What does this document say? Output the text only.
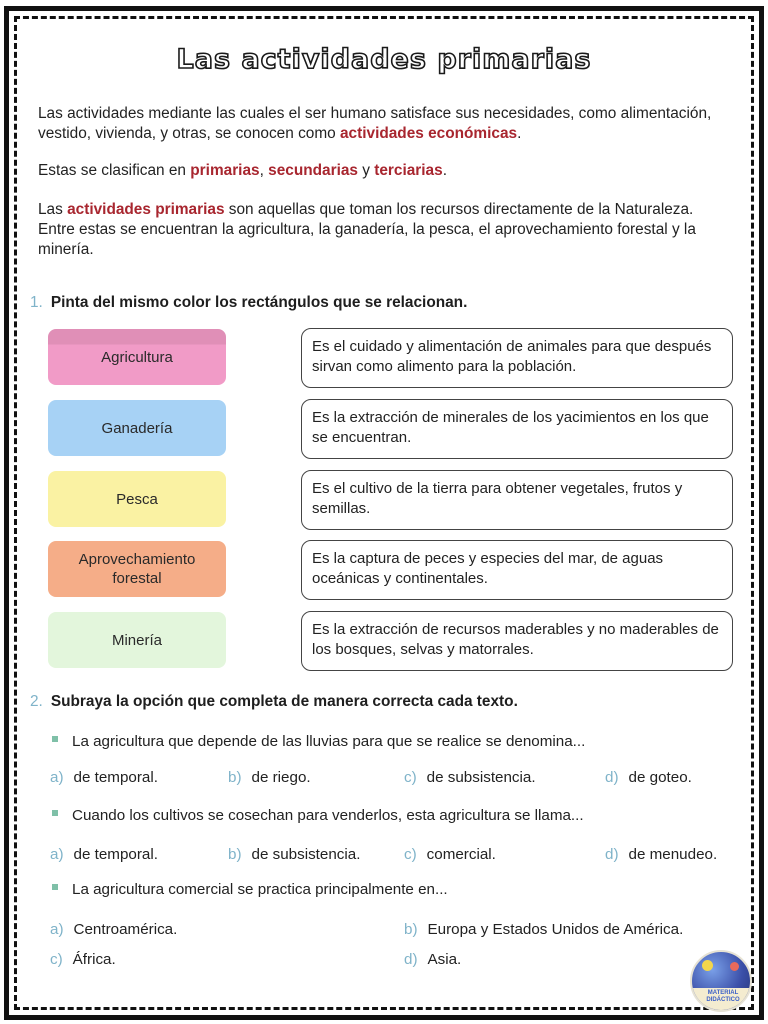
Las actividades primarias

Las actividades mediante las cuales el ser humano satisface sus necesidades, como alimentación, vestido, vivienda, y otras, se conocen como actividades económicas.

Estas se clasifican en primarias, secundarias y terciarias.

Las actividades primarias son aquellas que toman los recursos directamente de la Naturaleza. Entre estas se encuentran la agricultura, la ganadería, la pesca, el aprovechamiento forestal y la minería.

1. Pinta del mismo color los rectángulos que se relacionan.
Agricultura
Ganadería
Pesca
Aprovechamiento forestal
Minería
Es el cuidado y alimentación de animales para que después sirvan como alimento para la población.
Es la extracción de minerales de los yacimientos en los que se encuentran.
Es el cultivo de la tierra para obtener vegetales, frutos y semillas.
Es la captura de peces y especies del mar, de aguas oceánicas y continentales.
Es la extracción de recursos maderables y no maderables de los bosques, selvas y matorrales.
2. Subraya la opción que completa de manera correcta cada texto.
La agricultura que depende de las lluvias para que se realice se denomina...
a) de temporal.	b) de riego.	c) de subsistencia.	d) de goteo.
Cuando los cultivos se cosechan para venderlos, esta agricultura se llama...
a) de temporal.	b) de subsistencia.	c) comercial.	d) de menudeo.
La agricultura comercial se practica principalmente en...
a) Centroamérica.	b) Europa y Estados Unidos de América.
c) África.	d) Asia.
MATERIAL
DIDÁCTICO
